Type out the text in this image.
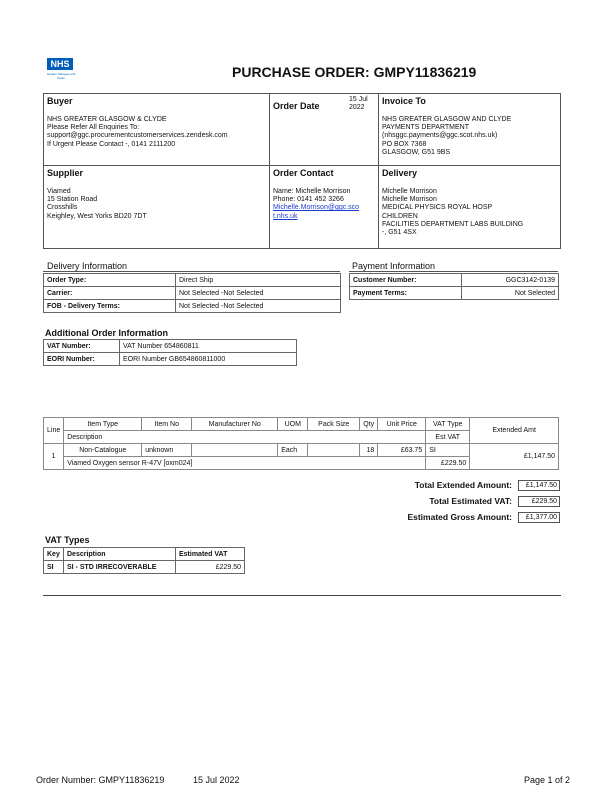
NHS
Greater Glasgow and Clyde	PURCHASE ORDER: GMPY11836219
Buyer
NHS GREATER GLASGOW & CLYDE
Please Refer All Enquiries To:
support@ggc.procurementcustomerservices.zendesk.com
If Urgent Please Contact -, 0141 2111200
Order Date
15 Jul
2022
Invoice To
NHS GREATER GLASGOW AND CLYDE
PAYMENTS DEPARTMENT
(nhsggc.payments@ggc.scot.nhs.uk)
PO BOX 7368
GLASGOW, G51 9BS
Supplier
Viamed
15 Station Road
Crosshills
Keighley, West Yorks BD20 7DT
Order Contact
Name: Michelle Morrison
Phone: 0141 452 3266
Michelle.Morrison@ggc.sco
t.nhs.uk
Delivery
Michelle Morrison
Michelle Morrison
MEDICAL PHYSICS ROYAL HOSP
CHILDREN
FACILITIES DEPARTMENT LABS BUILDING
-, G51 4SX
Delivery Information
Order Type:	Direct Ship
Carrier:	Not Selected -Not Selected
FOB - Delivery Terms:	Not Selected -Not Selected
Payment Information
Customer Number:	GGC3142-0139
Payment Terms:	Not Selected
Additional Order Information
VAT Number:	VAT Number 654860811
EORI Number:	EORI Number GB654860811000
Line	Item Type	Item No	Manufacturer No	UOM	Pack Size	Qty	Unit Price	VAT Type	Extended Amt
	Description							Est VAT	
1	Non-Catalogue	unknown		Each		18	£63.75	SI	£1,147.50
	Viamed Oxygen sensor R-47V [oxm024]							£229.50	
Total Extended Amount:	£1,147.50
Total Estimated VAT:	£229.50
Estimated Gross Amount:	£1,377.00
VAT Types
Key	Description	Estimated VAT
SI	SI - STD IRRECOVERABLE	£229.50
Order Number: GMPY11836219	15 Jul 2022	Page 1 of 2
